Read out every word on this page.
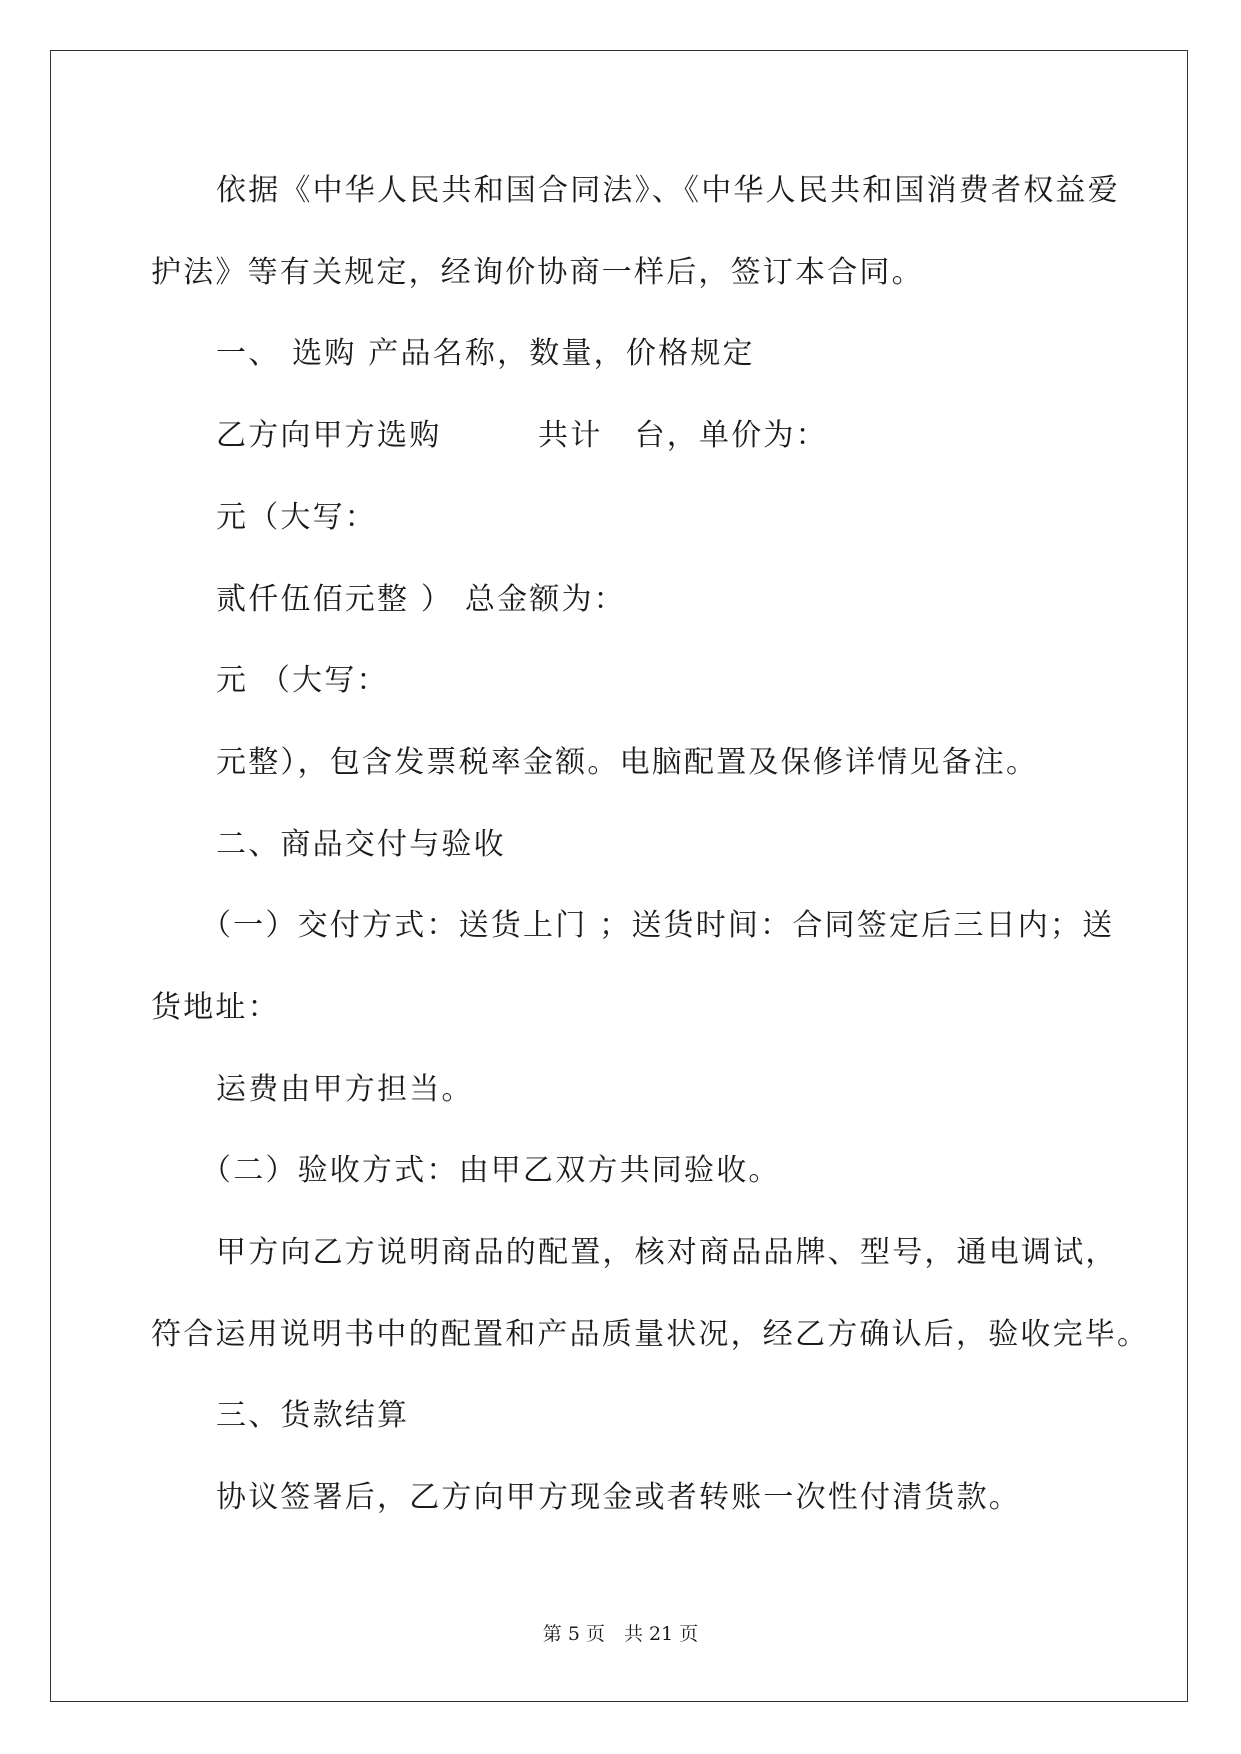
依据《中华人民共和国合同法》、《中华人民共和国消费者权益爱
护法》等有关规定，经询价协商一样后，签订本合同。
一、 选购 产品名称，数量，价格规定
乙方向甲方选购　　　共计　台，单价为：
元（大写：
贰仟伍佰元整 ） 总金额为：
元 （大写：
元整），包含发票税率金额。电脑配置及保修详情见备注。
二、商品交付与验收
（一）交付方式：送货上门 ；送货时间：合同签定后三日内；送
货地址：
运费由甲方担当。
（二）验收方式：由甲乙双方共同验收。
甲方向乙方说明商品的配置，核对商品品牌、型号，通电调试，
符合运用说明书中的配置和产品质量状况，经乙方确认后，验收完毕。
三、货款结算
协议签署后，乙方向甲方现金或者转账一次性付清货款。
第 5 页　共 21 页
